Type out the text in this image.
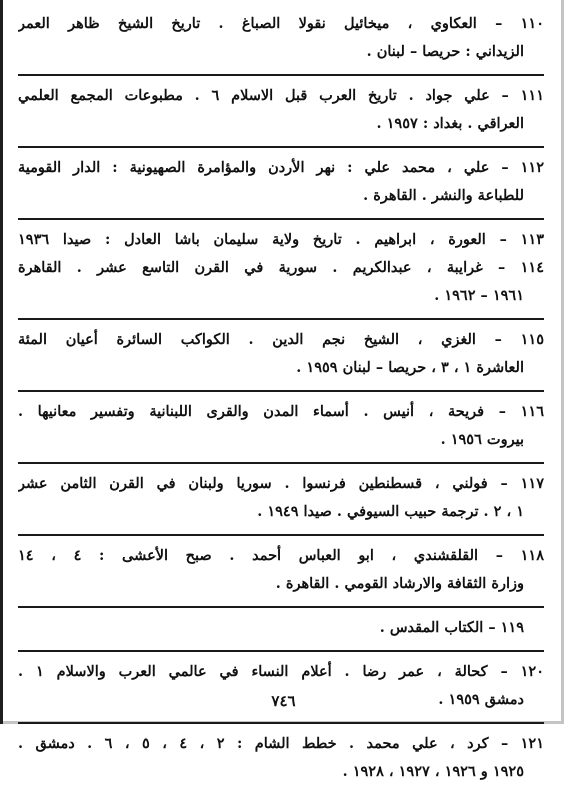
١١٠ – العكاوي ، ميخائيل نقولا الصباغ . تاريخ الشيخ ظاهر العمر
الزيداني : حريصا – لبنان .
١١١ – علي جواد . تاريخ العرب قبل الاسلام ٦ . مطبوعات المجمع العلمي
العراقي . بغداد : ١٩٥٧ .
١١٢ – علي ، محمد علي : نهر الأردن والمؤامرة الصهيونية : الدار القومية
للطباعة والنشر . القاهرة .
١١٣ – العورة ، ابراهيم . تاريخ ولاية سليمان باشا العادل : صيدا ١٩٣٦
١١٤ – غرايبة ، عبدالكريم . سورية في القرن التاسع عشر . القاهرة
١٩٦١ – ١٩٦٢ .
١١٥ – الغزي ، الشيخ نجم الدين . الكواكب السائرة أعيان المئة
العاشرة ١ ، ٣ ، حريصا – لبنان ١٩٥٩ .
١١٦ – فريحة ، أنيس . أسماء المدن والقرى اللبنانية وتفسير معانيها .
بيروت ١٩٥٦ .
١١٧ – فولني ، قسطنطين فرنسوا . سوريا ولبنان في القرن الثامن عشر
١ ، ٢ . ترجمة حبيب السيوفي . صيدا ١٩٤٩ .
١١٨ – القلقشندي ، ابو العباس أحمد . صبح الأعشى : ٤ ، ١٤
وزارة الثقافة والارشاد القومي . القاهرة .
١١٩ – الكتاب المقدس .
١٢٠ – كحالة ، عمر رضا . أعلام النساء في عالمي العرب والاسلام ١ .
دمشق ١٩٥٩ .
١٢١ – كرد ، علي محمد . خطط الشام : ٢ ، ٤ ، ٥ ، ٦ . دمشق .
١٩٢٥ و ١٩٢٦ ، ١٩٢٧ ، ١٩٢٨ .
٧٤٦
